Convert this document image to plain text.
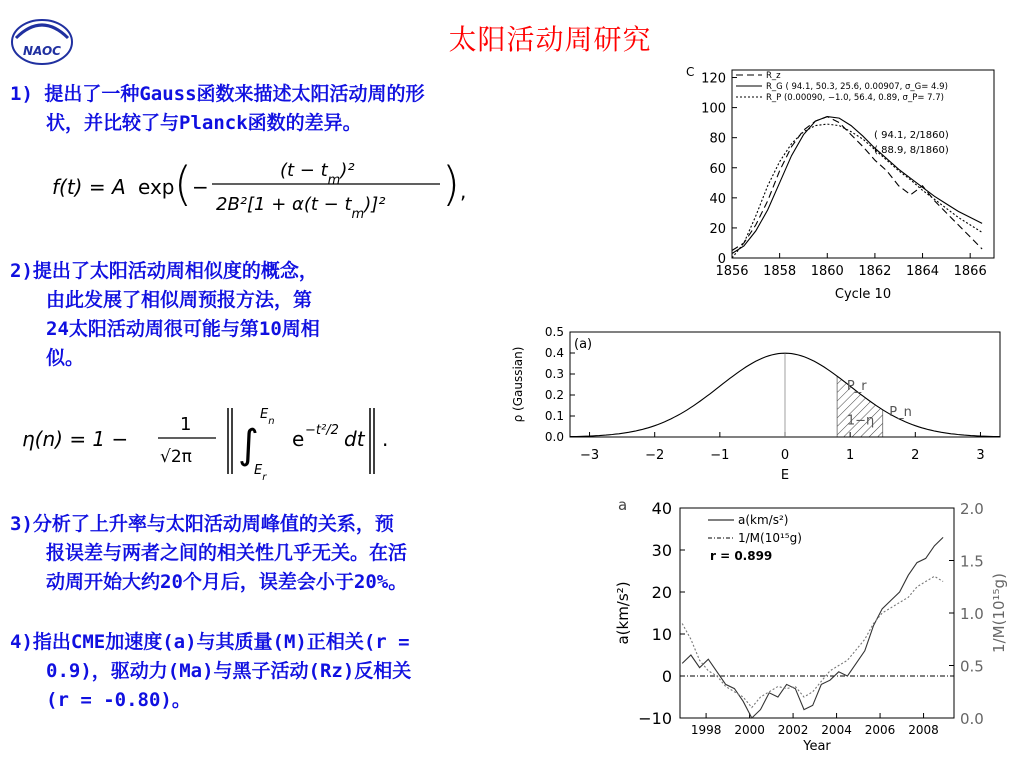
NAOC	太阳活动周研究
1) 提出了一种Gauss函数来描述太阳活动周的形
状，并比较了与Planck函数的差异。
f(t) = A exp ( −
$(t - t_m)^2$
$2B^2[1 + \alpha(t - t_m)]^2$ ) ,
2)提出了太阳活动周相似度的概念，
由此发展了相似周预报方法，第
24太阳活动周很可能与第10周相
似。
η(n) = 1 −
1
√2π ∫
$E_n$
$E_r$
e −t²/2 dt .
3)分析了上升率与太阳活动周峰值的关系，预
报误差与两者之间的相关性几乎无关。在活
动周开始大约20个月后，误差会小于20%。
4)指出CME加速度(a)与其质量(M)正相关(r =
0.9)，驱动力(Ma)与黑子活动(Rz)反相关
(r = -0.80)。
1856 1858 1860 1862 1864 1866
0
20
40
60
80
100
120
C
Cycle 10
R_z
R_G ( 94.1, 50.3, 25.6, 0.00907, σ_G= 4.9)
R_P (0.00090, −1.0, 56.4, 0.89, σ_P= 7.7)
( 94.1, 2/1860)
( 88.9, 8/1860)
−3	−2	−1	0	1	2	3
0.0
0.1
0.2
0.3
0.4
0.5
ρ (Gaussian)
E
(a)
P_r
P_n
1−η
1998 2000 2002 2004 2006 2008
−10
0
10
20
30
40
0.0
0.5
1.0
1.5
2.0
a
a(km/s²)	1/M(10¹⁵g)
Year
a(km/s²)
1/M(10¹⁵g)
r = 0.899
